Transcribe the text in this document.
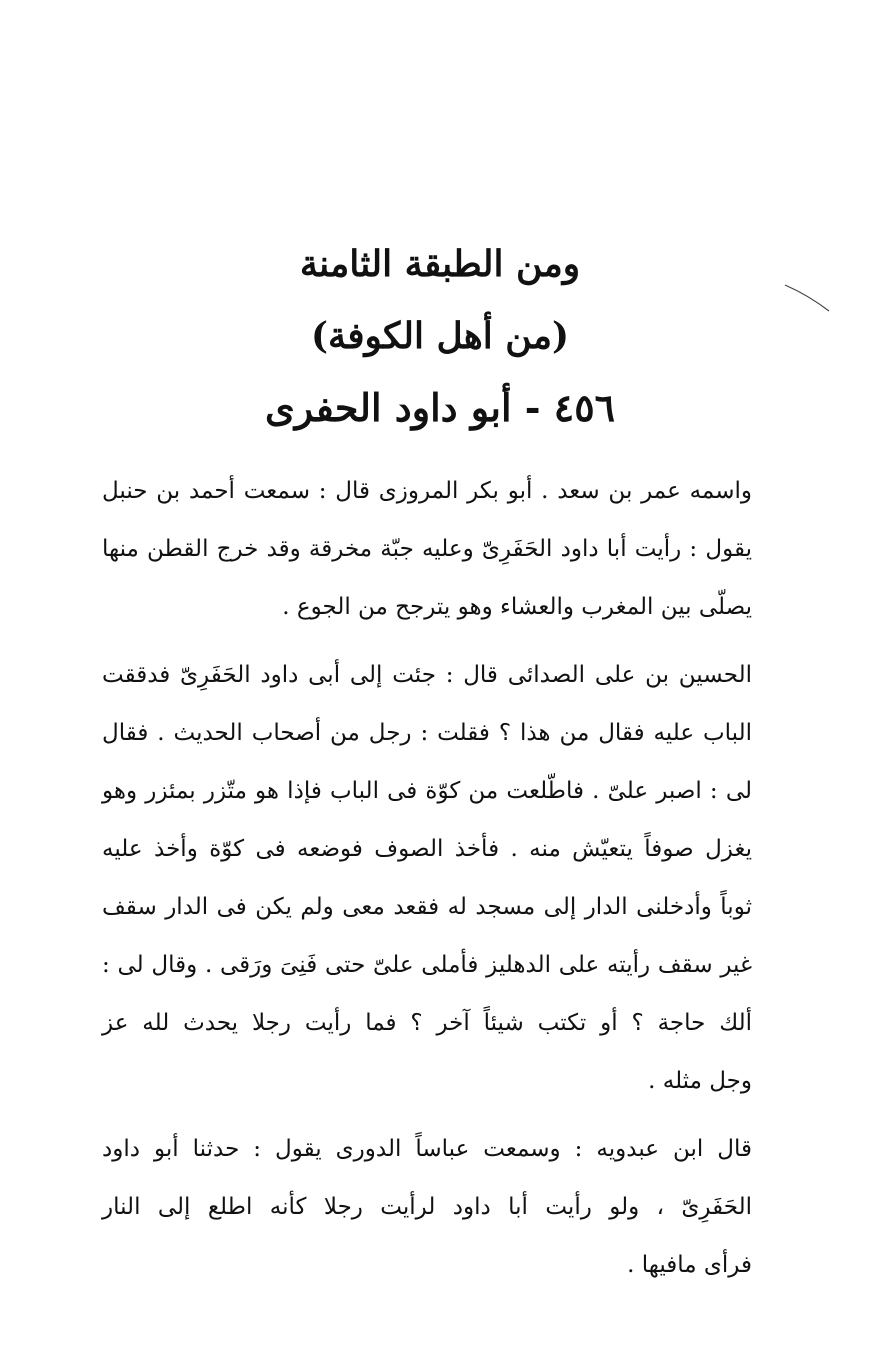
ومن الطبقة الثامنة
(من أهل الكوفة)
٤٥٦ - أبو داود الحفرى

واسمه عمر بن سعد . أبو بكر المروزى قال : سمعت أحمد بن حنبل
يقول : رأيت أبا داود الحَفَرِىّ وعليه جبّة مخرقة وقد خرج القطن منها
يصلّى بين المغرب والعشاء وهو يترجح من الجوع .

الحسين بن على الصدائى قال : جئت إلى أبى داود الحَفَرِىّ فدققت
الباب عليه فقال من هذا ؟ فقلت : رجل من أصحاب الحديث . فقال
لى : اصبر علىّ . فاطّلعت من كوّة فى الباب فإذا هو متّزر بمئزر وهو
يغزل صوفاً يتعيّش منه . فأخذ الصوف فوضعه فى كوّة وأخذ عليه
ثوباً وأدخلنى الدار إلى مسجد له فقعد معى ولم يكن فى الدار سقف
غير سقف رأيته على الدهليز فأملى علىّ حتى فَنِىَ ورَقى . وقال لى :
ألك حاجة ؟ أو تكتب شيئاً آخر ؟ فما رأيت رجلا يحدث لله عز
وجل مثله .

قال ابن عبدويه : وسمعت عباساً الدورى يقول : حدثنا أبو داود
الحَفَرِىّ ، ولو رأيت أبا داود لرأيت رجلا كأنه اطلع إلى النار
فرأى مافيها .
